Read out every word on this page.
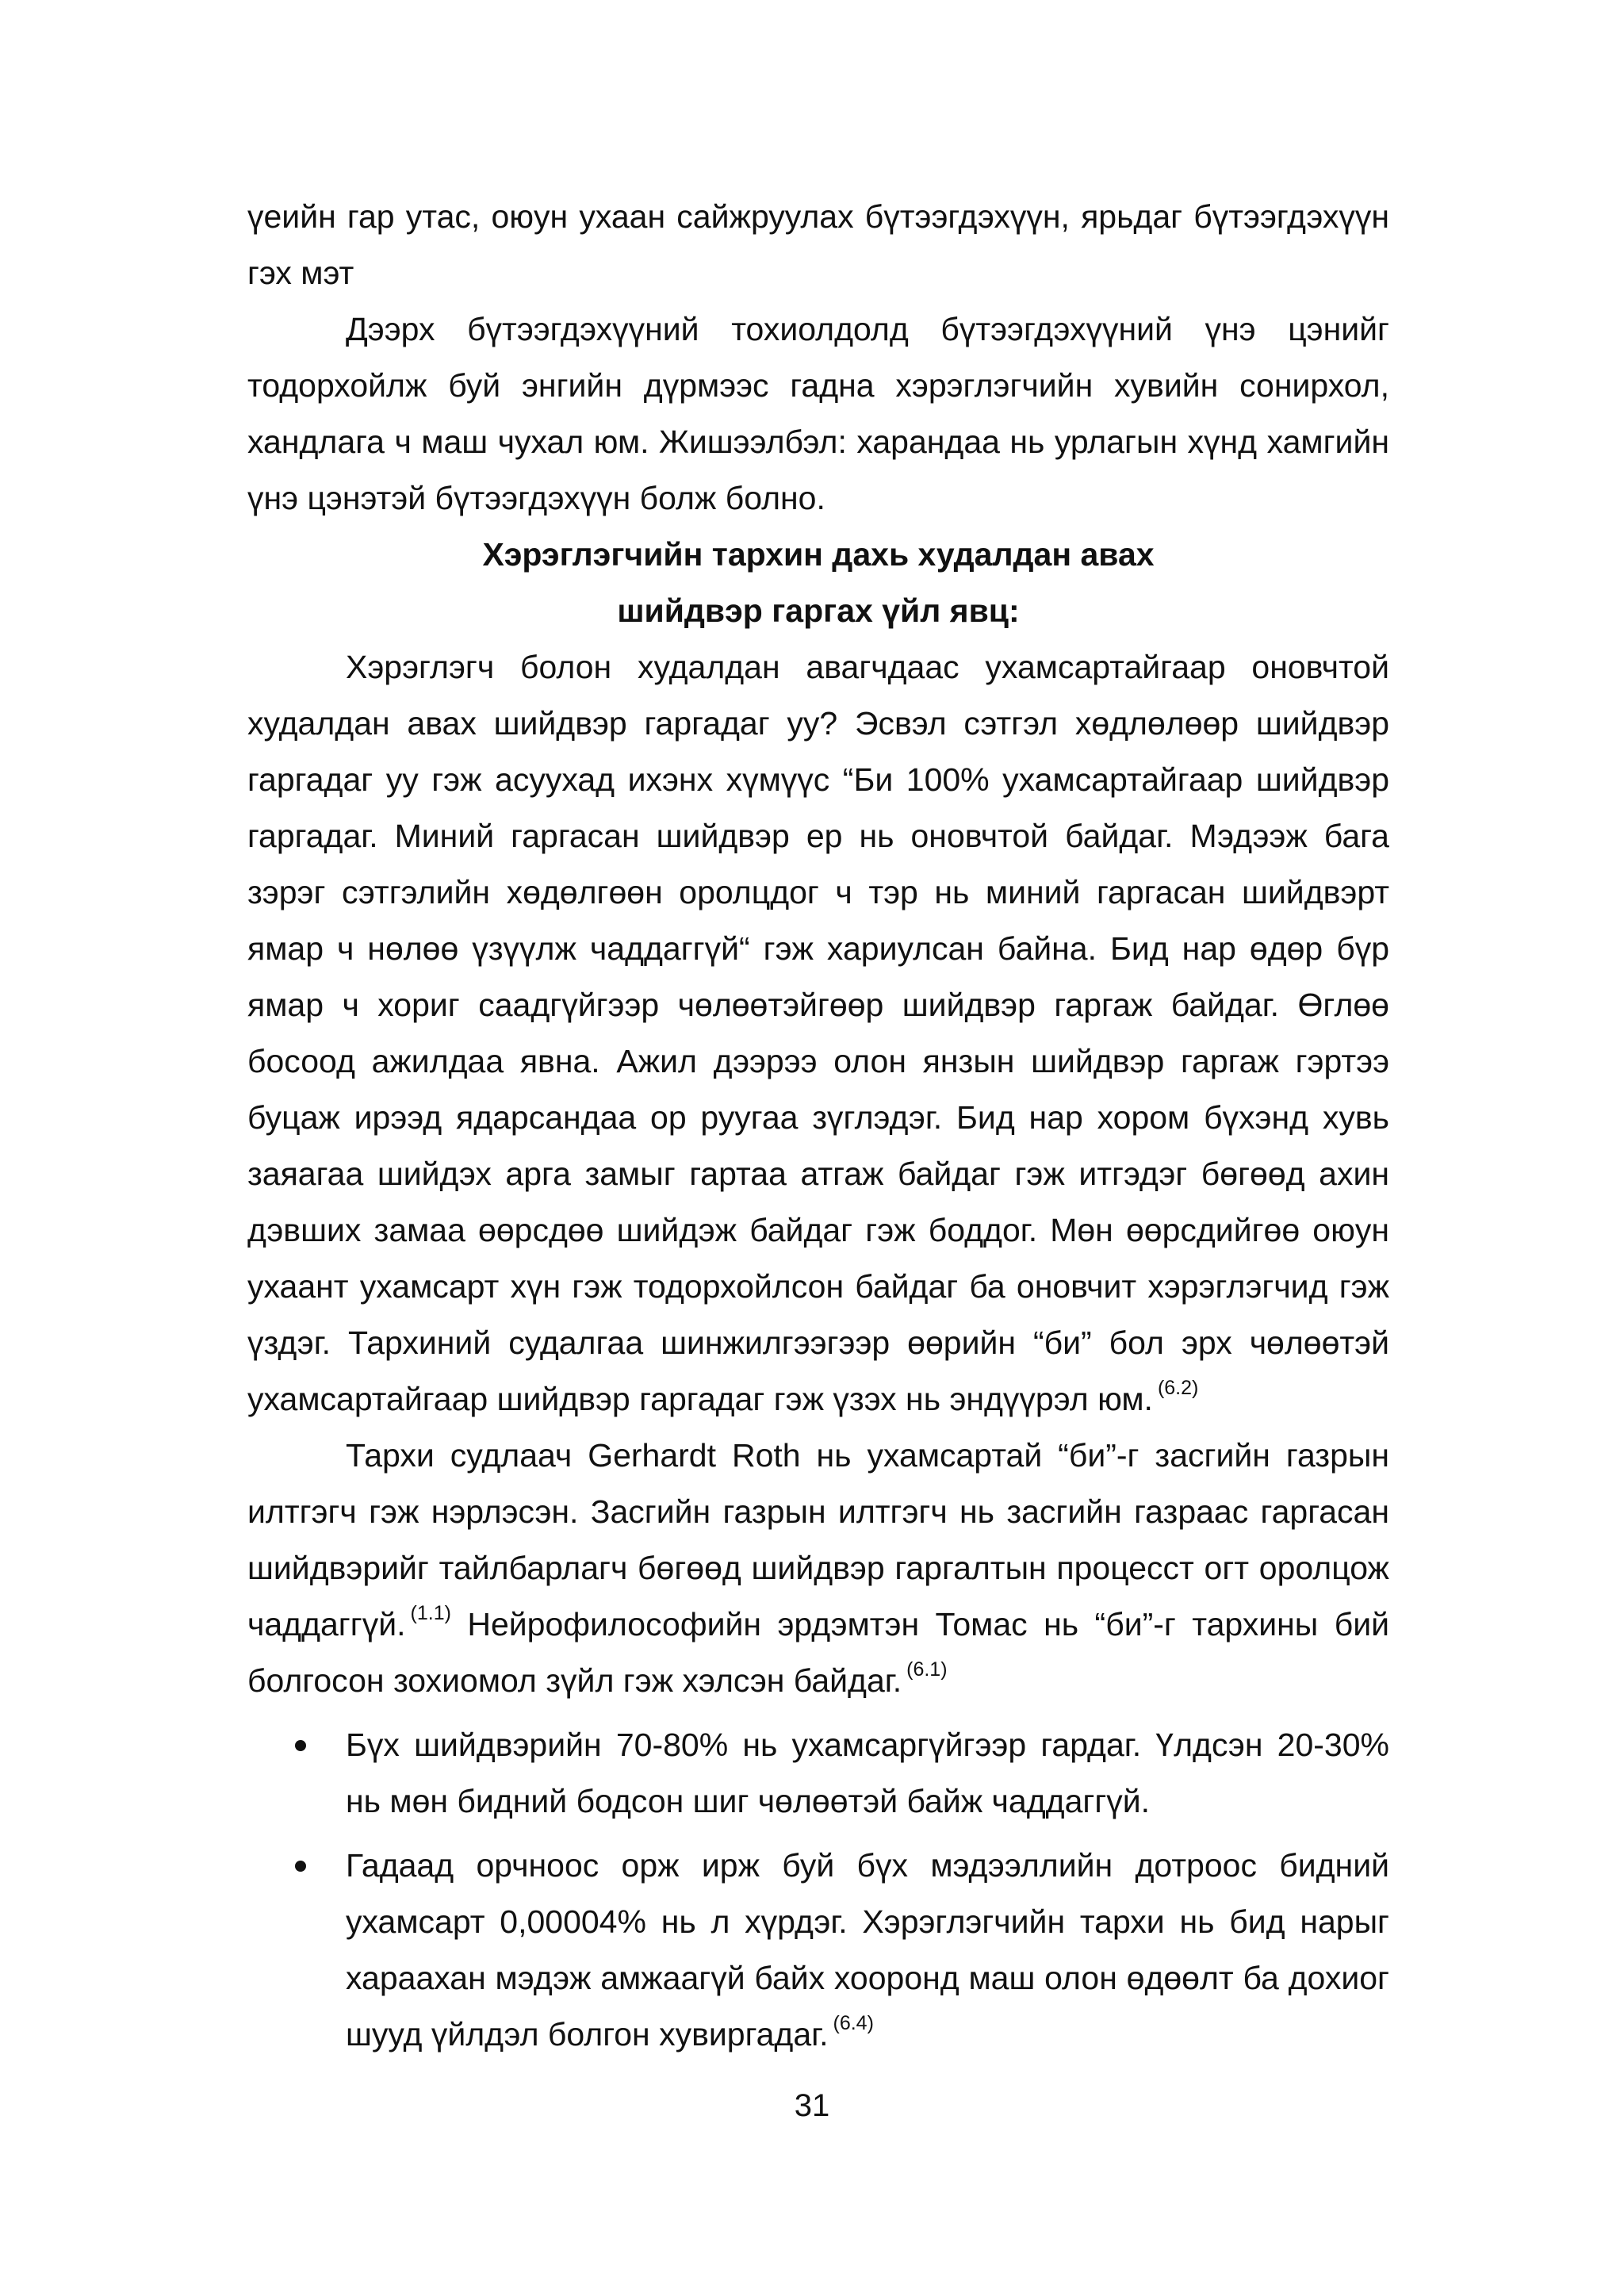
үеийн гар утас, оюун ухаан сайжруулах бүтээгдэхүүн, ярьдаг бүтээгдэхүүн гэх мэт

Дээрх бүтээгдэхүүний тохиолдолд бүтээгдэхүүний үнэ цэнийг тодорхойлж буй энгийн дүрмээс гадна хэрэглэгчийн хувийн сонирхол, хандлага ч маш чухал юм. Жишээлбэл: харандаа нь урлагын хүнд хамгийн үнэ цэнэтэй бүтээгдэхүүн болж болно.

Хэрэглэгчийн тархин дахь худалдан авах

шийдвэр гаргах үйл явц:

Хэрэглэгч болон худалдан авагчдаас ухамсартайгаар оновчтой худалдан авах шийдвэр гаргадаг уу? Эсвэл сэтгэл хөдлөлөөр шийдвэр гаргадаг уу гэж асуухад ихэнх хүмүүс “Би 100% ухамсартайгаар шийдвэр гаргадаг. Миний гаргасан шийдвэр ер нь оновчтой байдаг. Мэдээж бага зэрэг сэтгэлийн хөдөлгөөн оролцдог ч тэр нь миний гаргасан шийдвэрт ямар ч нөлөө үзүүлж чаддаггүй“ гэж хариулсан байна. Бид нар өдөр бүр ямар ч хориг саадгүйгээр чөлөөтэйгөөр шийдвэр гаргаж байдаг. Өглөө босоод ажилдаа явна. Ажил дээрээ олон янзын шийдвэр гаргаж гэртээ буцаж ирээд ядарсандаа ор руугаа зүглэдэг. Бид нар хором бүхэнд хувь заяагаа шийдэх арга замыг гартаа атгаж байдаг гэж итгэдэг бөгөөд ахин дэвших замаа өөрсдөө шийдэж байдаг гэж боддог. Мөн өөрсдийгөө оюун ухаант ухамсарт хүн гэж тодорхойлсон байдаг ба оновчит хэрэглэгчид гэж үздэг. Тархиний судалгаа шинжилгээгээр өөрийн “би” бол эрх чөлөөтэй ухамсартайгаар шийдвэр гаргадаг гэж үзэх нь эндүүрэл юм. $^{(6.2)}$

Тархи судлаач Gerhardt Roth нь ухамсартай “би”-г засгийн газрын илтгэгч гэж нэрлэсэн. Засгийн газрын илтгэгч нь засгийн газраас гаргасан шийдвэрийг тайлбарлагч бөгөөд шийдвэр гаргалтын процесст огт оролцож чаддаггүй. $^{(1.1)}$ Нейрофилософийн эрдэмтэн Томас нь “би”-г тархины бий болгосон зохиомол зүйл гэж хэлсэн байдаг. $^{(6.1)}$

Бүх шийдвэрийн 70-80% нь ухамсаргүйгээр гардаг. Үлдсэн 20-30% нь мөн бидний бодсон шиг чөлөөтэй байж чаддаггүй.
Гадаад орчноос орж ирж буй бүх мэдээллийн дотроос бидний ухамсарт 0,00004% нь л хүрдэг. Хэрэглэгчийн тархи нь бид нарыг хараахан мэдэж амжаагүй байх хооронд маш олон өдөөлт ба дохиог шууд үйлдэл болгон хувиргадаг. $^{(6.4)}$
31
